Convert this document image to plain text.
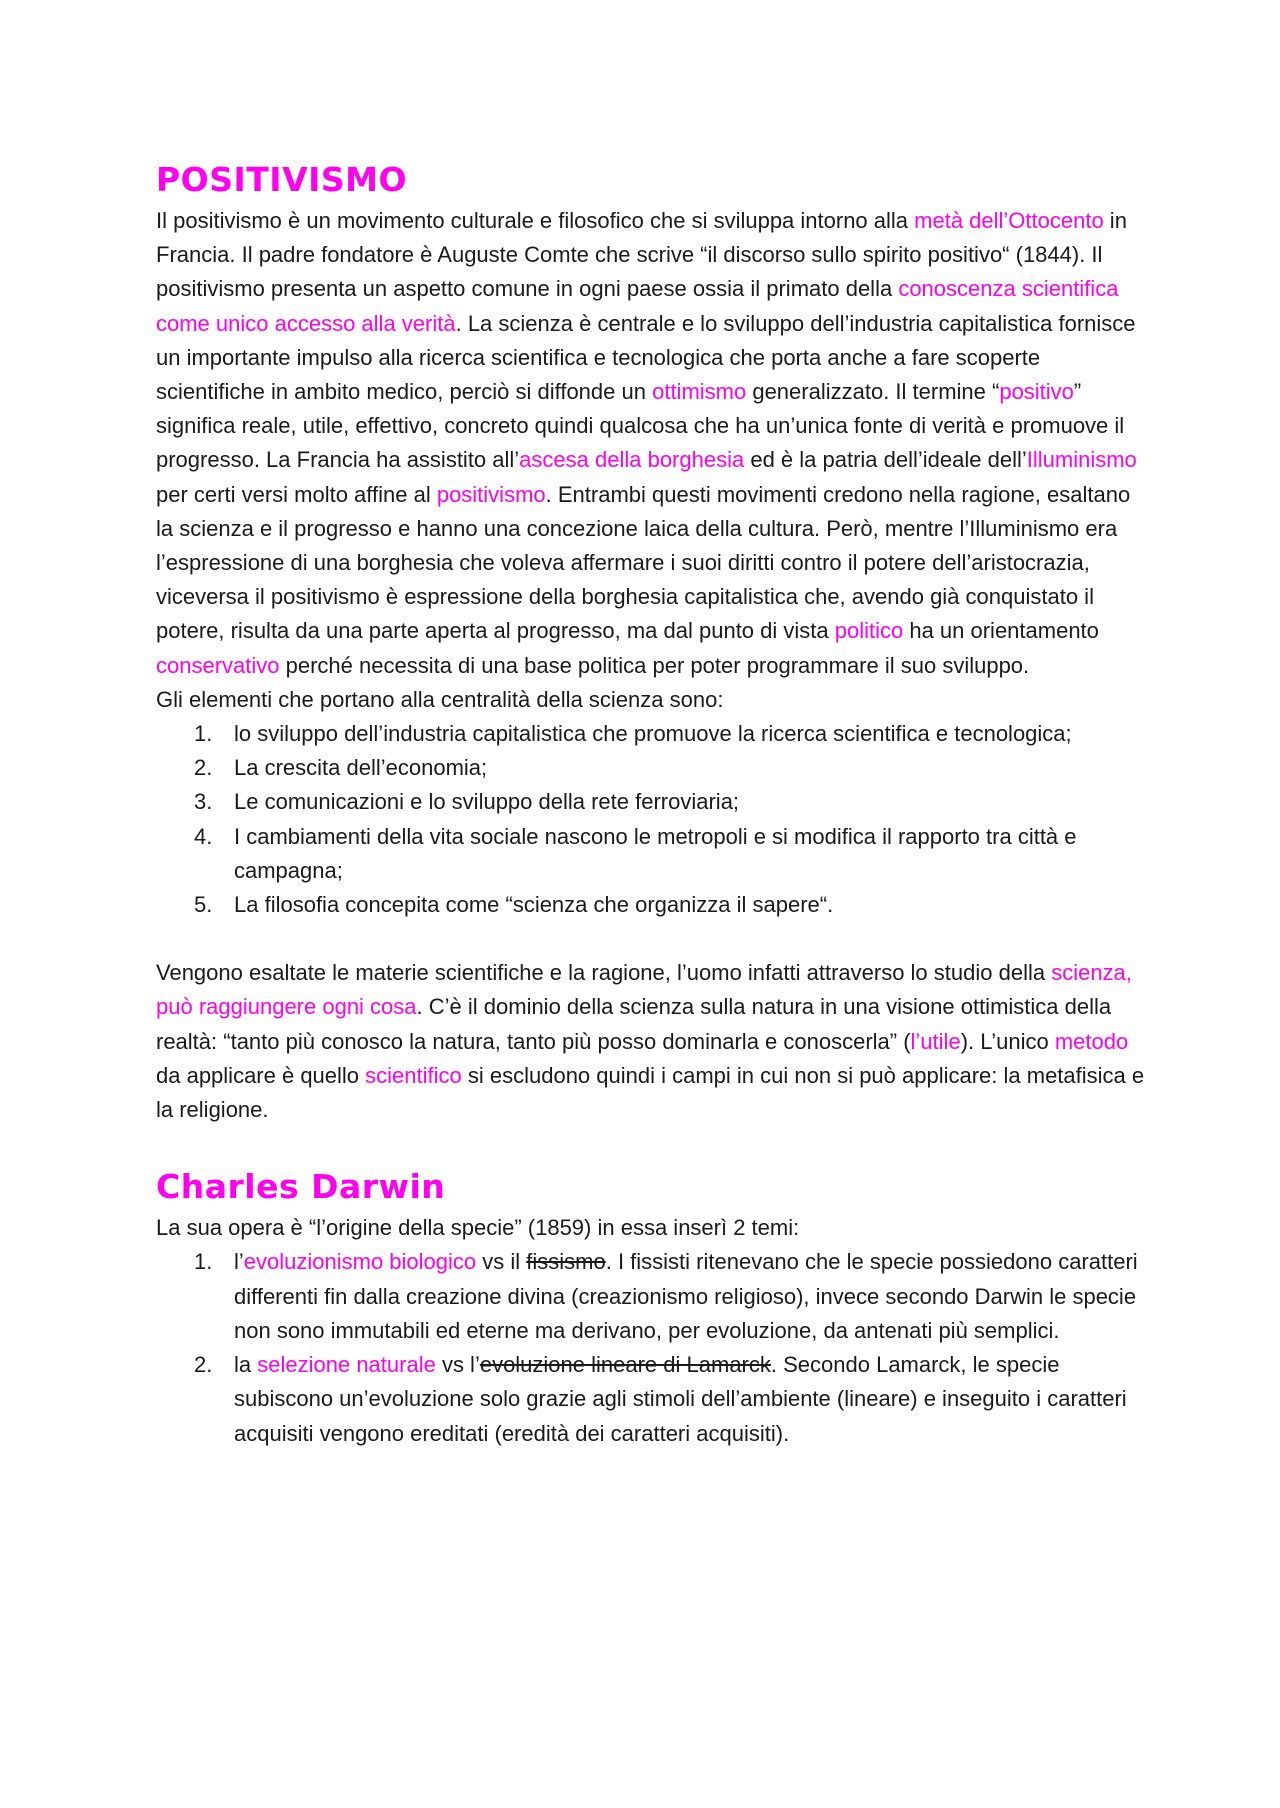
POSITIVISMO

Il positivismo è un movimento culturale e filosofico che si sviluppa intorno alla metà dell’Ottocento in Francia. Il padre fondatore è Auguste Comte che scrive “il discorso sullo spirito positivo“ (1844). Il positivismo presenta un aspetto comune in ogni paese ossia il primato della conoscenza scientifica come unico accesso alla verità. La scienza è centrale e lo sviluppo dell’industria capitalistica fornisce un importante impulso alla ricerca scientifica e tecnologica che porta anche a fare scoperte scientifiche in ambito medico, perciò si diffonde un ottimismo generalizzato. Il termine “positivo” significa reale, utile, effettivo, concreto quindi qualcosa che ha un’unica fonte di verità e promuove il progresso. La Francia ha assistito all’ascesa della borghesia ed è la patria dell’ideale dell’Illuminismo per certi versi molto affine al positivismo. Entrambi questi movimenti credono nella ragione, esaltano la scienza e il progresso e hanno una concezione laica della cultura. Però, mentre l’Illuminismo era l’espressione di una borghesia che voleva affermare i suoi diritti contro il potere dell’aristocrazia, viceversa il positivismo è espressione della borghesia capitalistica che, avendo già conquistato il potere, risulta da una parte aperta al progresso, ma dal punto di vista politico ha un orientamento conservativo perché necessita di una base politica per poter programmare il suo sviluppo.

Gli elementi che portano alla centralità della scienza sono:

1. lo sviluppo dell’industria capitalistica che promuove la ricerca scientifica e tecnologica;
2. La crescita dell’economia;
3. Le comunicazioni e lo sviluppo della rete ferroviaria;
4. I cambiamenti della vita sociale nascono le metropoli e si modifica il rapporto tra città e campagna;
5. La filosofia concepita come “scienza che organizza il sapere“.

Vengono esaltate le materie scientifiche e la ragione, l’uomo infatti attraverso lo studio della scienza, può raggiungere ogni cosa. C’è il dominio della scienza sulla natura in una visione ottimistica della realtà: “tanto più conosco la natura, tanto più posso dominarla e conoscerla” (l’utile). L’unico metodo da applicare è quello scientifico si escludono quindi i campi in cui non si può applicare: la metafisica e la religione.

Charles Darwin

La sua opera è “l’origine della specie” (1859) in essa inserì 2 temi:

1. l’evoluzionismo biologico vs il fissismo. I fissisti ritenevano che le specie possiedono caratteri differenti fin dalla creazione divina (creazionismo religioso), invece secondo Darwin le specie non sono immutabili ed eterne ma derivano, per evoluzione, da antenati più semplici.
2. la selezione naturale vs l’evoluzione lineare di Lamarck. Secondo Lamarck, le specie subiscono un’evoluzione solo grazie agli stimoli dell’ambiente (lineare) e inseguito i caratteri acquisiti vengono ereditati (eredità dei caratteri acquisiti).
